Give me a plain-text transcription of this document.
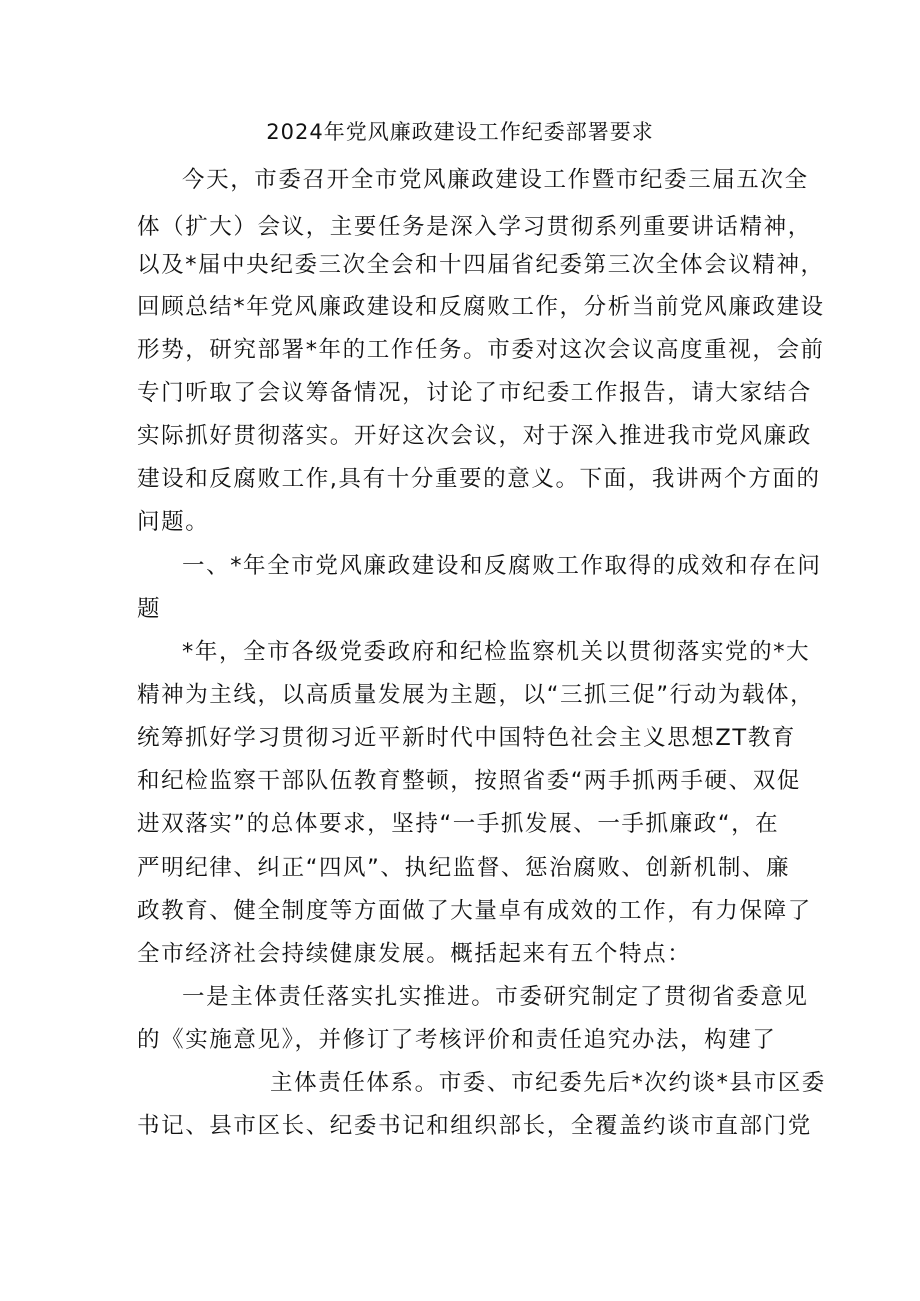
2024年党风廉政建设工作纪委部署要求
今天，市委召开全市党风廉政建设工作暨市纪委三届五次全
体（扩大）会议，主要任务是深入学习贯彻系列重要讲话精神，
以及*届中央纪委三次全会和十四届省纪委第三次全体会议精神，
回顾总结*年党风廉政建设和反腐败工作，分析当前党风廉政建设
形势，研究部署*年的工作任务。市委对这次会议高度重视，会前
专门听取了会议筹备情况，讨论了市纪委工作报告，请大家结合
实际抓好贯彻落实。开好这次会议，对于深入推进我市党风廉政
建设和反腐败工作,具有十分重要的意义。下面，我讲两个方面的
问题。
一、*年全市党风廉政建设和反腐败工作取得的成效和存在问
题
*年，全市各级党委政府和纪检监察机关以贯彻落实党的*大
精神为主线，以高质量发展为主题，以“三抓三促”行动为载体，
统筹抓好学习贯彻习近平新时代中国特色社会主义思想ZT教育
和纪检监察干部队伍教育整顿，按照省委“两手抓两手硬、双促
进双落实”的总体要求，坚持“一手抓发展、一手抓廉政“，在
严明纪律、纠正“四风”、执纪监督、惩治腐败、创新机制、廉
政教育、健全制度等方面做了大量卓有成效的工作，有力保障了
全市经济社会持续健康发展。概括起来有五个特点：
一是主体责任落实扎实推进。市委研究制定了贯彻省委意见
的《实施意见》，并修订了考核评价和责任追究办法，构建了
主体责任体系。市委、市纪委先后*次约谈*县市区委
书记、县市区长、纪委书记和组织部长，全覆盖约谈市直部门党
